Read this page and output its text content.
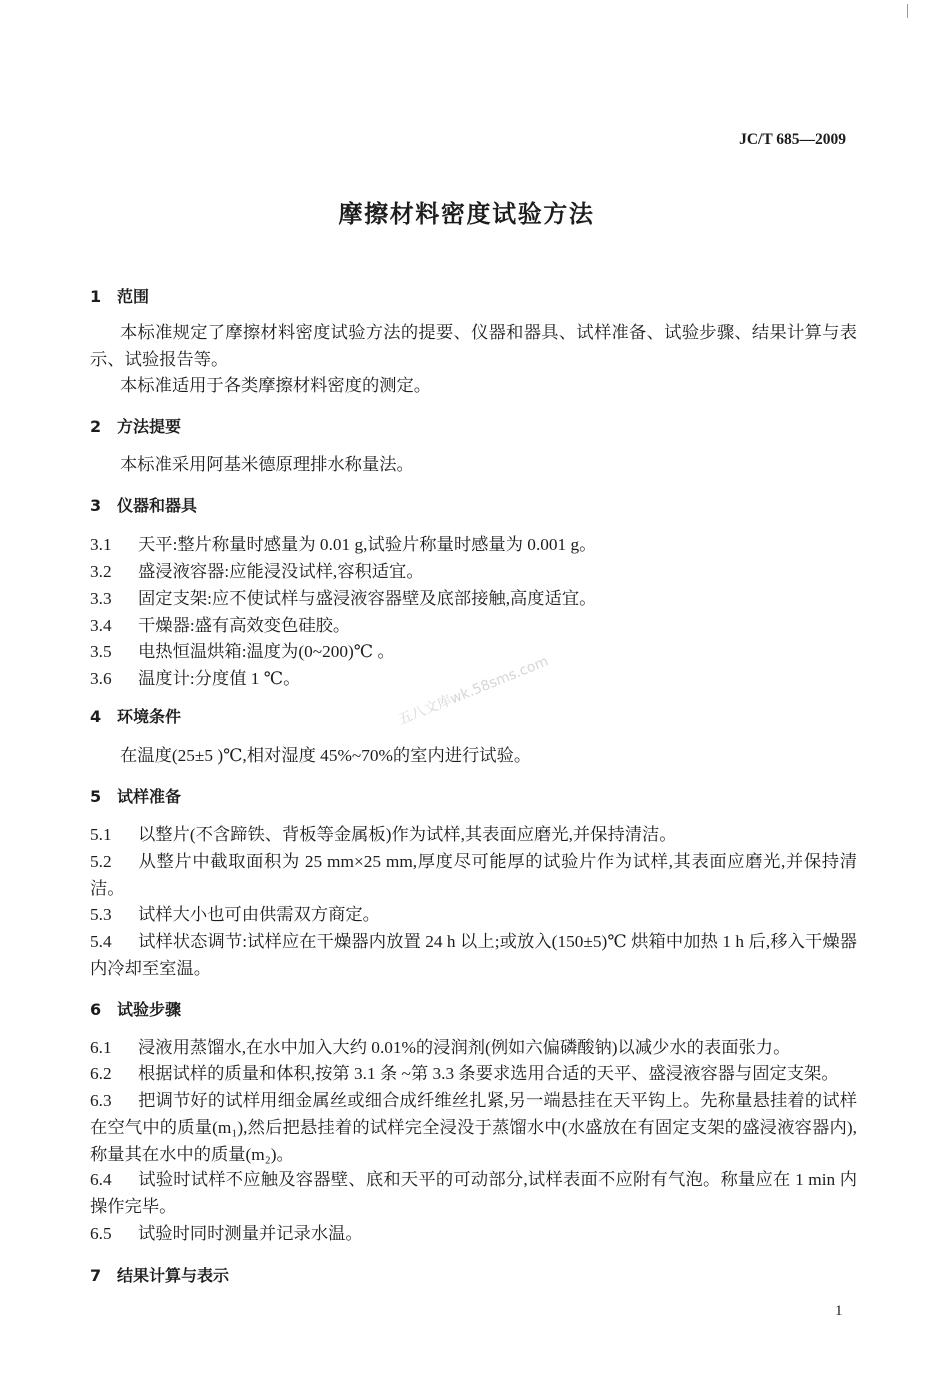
JC/T 685—2009
摩擦材料密度试验方法
1 范围

本标准规定了摩擦材料密度试验方法的提要、仪器和器具、试样准备、试验步骤、结果计算与表示、试验报告等。

本标准适用于各类摩擦材料密度的测定。

2 方法提要

本标准采用阿基米德原理排水称量法。

3 仪器和器具
3.1 天平:整片称量时感量为 0.01 g,试验片称量时感量为 0.001 g。
3.2 盛浸液容器:应能浸没试样,容积适宜。
3.3 固定支架:应不使试样与盛浸液容器壁及底部接触,高度适宜。
3.4 干燥器:盛有高效变色硅胶。
3.5 电热恒温烘箱:温度为(0~200)℃ 。
3.6 温度计:分度值 1 ℃。	五八文库wk.58sms.com
4 环境条件

在温度(25±5 )℃,相对湿度 45%~70%的室内进行试验。

5 试样准备
5.1 以整片(不含蹄铁、背板等金属板)作为试样,其表面应磨光,并保持清洁。
5.2 从整片中截取面积为 25 mm×25 mm,厚度尽可能厚的试验片作为试样,其表面应磨光,并保持清洁。
5.3 试样大小也可由供需双方商定。
5.4 试样状态调节:试样应在干燥器内放置 24 h 以上;或放入(150±5)℃ 烘箱中加热 1 h 后,移入干燥器内冷却至室温。
6 试验步骤
6.1 浸液用蒸馏水,在水中加入大约 0.01%的浸润剂(例如六偏磷酸钠)以减少水的表面张力。
6.2 根据试样的质量和体积,按第 3.1 条 ~第 3.3 条要求选用合适的天平、盛浸液容器与固定支架。
6.3 把调节好的试样用细金属丝或细合成纤维丝扎紧,另一端悬挂在天平钩上。先称量悬挂着的试样在空气中的质量(m₁),然后把悬挂着的试样完全浸没于蒸馏水中(水盛放在有固定支架的盛浸液容器内),称量其在水中的质量(m₂)。
6.4 试验时试样不应触及容器壁、底和天平的可动部分,试样表面不应附有气泡。称量应在 1 min 内操作完毕。
6.5 试验时同时测量并记录水温。
7 结果计算与表示
1
